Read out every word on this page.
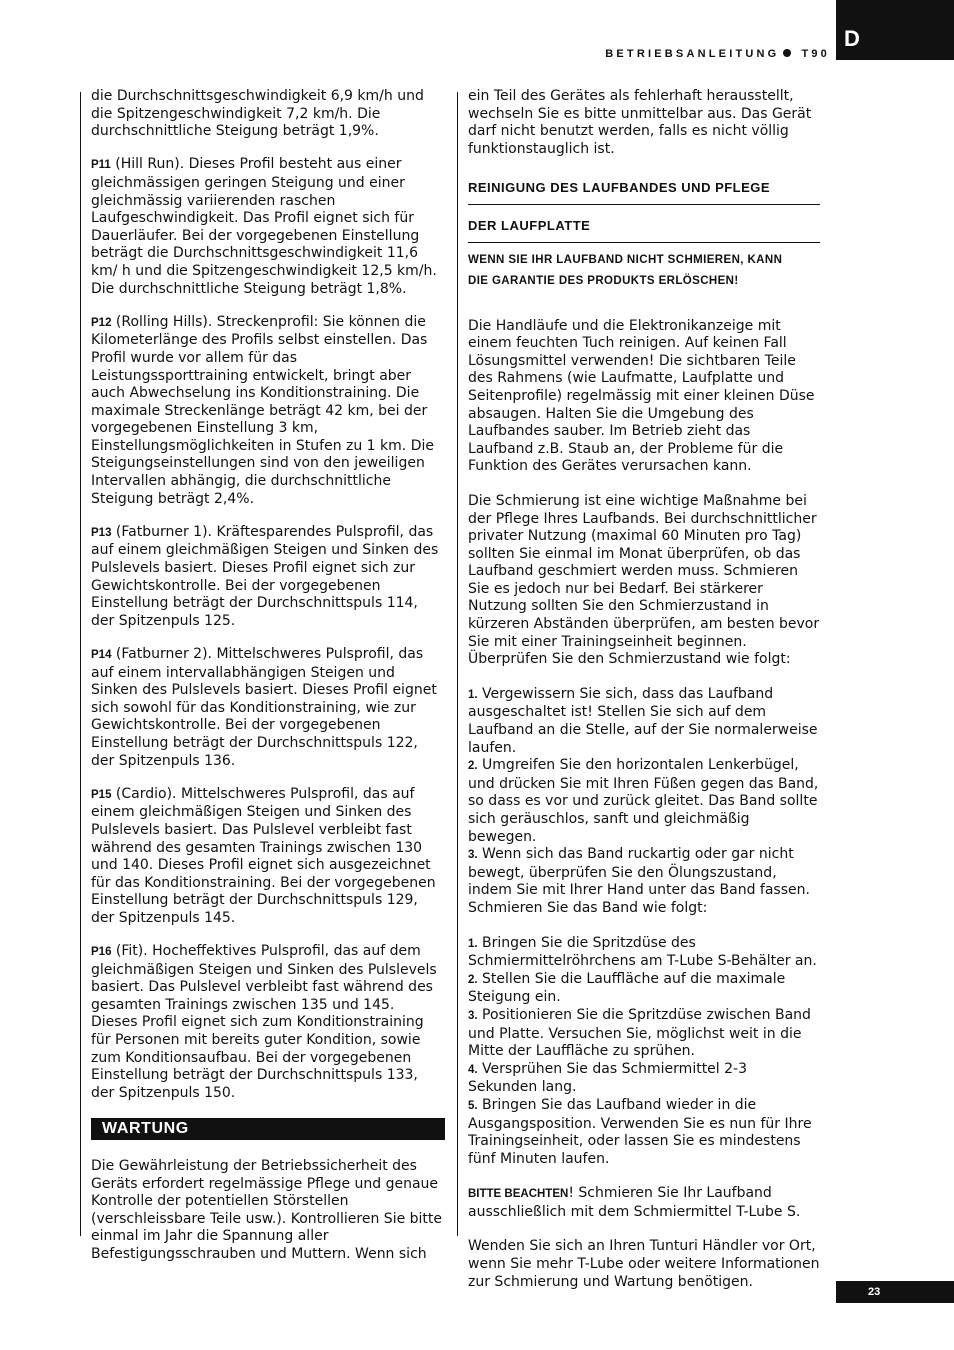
D
BETRIEBSANLEITUNG T90

die Durchschnittsgeschwindigkeit 6,9 km/h und die Spitzengeschwindigkeit 7,2 km/h. Die durchschnittliche Steigung beträgt 1,9%.

P11 (Hill Run). Dieses Profil besteht aus einer gleichmässigen geringen Steigung und einer gleichmässig variierenden raschen Laufgeschwindigkeit. Das Profil eignet sich für Dauerläufer. Bei der vorgegebenen Einstellung beträgt die Durchschnittsgeschwindigkeit 11,6 km/ h und die Spitzengeschwindigkeit 12,5 km/h. Die durchschnittliche Steigung beträgt 1,8%.

P12 (Rolling Hills). Streckenprofil: Sie können die Kilometerlänge des Profils selbst einstellen. Das Profil wurde vor allem für das Leistungssporttraining entwickelt, bringt aber auch Abwechselung ins Konditionstraining. Die maximale Streckenlänge beträgt 42 km, bei der vorgegebenen Einstellung 3 km, Einstellungsmöglichkeiten in Stufen zu 1 km. Die Steigungseinstellungen sind von den jeweiligen Intervallen abhängig, die durchschnittliche Steigung beträgt 2,4%.

P13 (Fatburner 1). Kräftesparendes Pulsprofil, das auf einem gleichmäßigen Steigen und Sinken des Pulslevels basiert. Dieses Profil eignet sich zur Gewichtskontrolle. Bei der vorgegebenen Einstellung beträgt der Durchschnittspuls 114, der Spitzenpuls 125.

P14 (Fatburner 2). Mittelschweres Pulsprofil, das auf einem intervallabhängigen Steigen und Sinken des Pulslevels basiert. Dieses Profil eignet sich sowohl für das Konditionstraining, wie zur Gewichtskontrolle. Bei der vorgegebenen Einstellung beträgt der Durchschnittspuls 122, der Spitzenpuls 136.

P15 (Cardio). Mittelschweres Pulsprofil, das auf einem gleichmäßigen Steigen und Sinken des Pulslevels basiert. Das Pulslevel verbleibt fast während des gesamten Trainings zwischen 130 und 140. Dieses Profil eignet sich ausgezeichnet für das Konditionstraining. Bei der vorgegebenen Einstellung beträgt der Durchschnittspuls 129, der Spitzenpuls 145.

P16 (Fit). Hocheffektives Pulsprofil, das auf dem gleichmäßigen Steigen und Sinken des Pulslevels basiert. Das Pulslevel verbleibt fast während des gesamten Trainings zwischen 135 und 145. Dieses Profil eignet sich zum Konditionstraining für Personen mit bereits guter Kondition, sowie zum Konditionsaufbau. Bei der vorgegebenen Einstellung beträgt der Durchschnittspuls 133, der Spitzenpuls 150.

WARTUNG

Die Gewährleistung der Betriebssicherheit des Geräts erfordert regelmässige Pflege und genaue Kontrolle der potentiellen Störstellen (verschleissbare Teile usw.). Kontrollieren Sie bitte einmal im Jahr die Spannung aller Befestigungsschrauben und Muttern. Wenn sich

ein Teil des Gerätes als fehlerhaft herausstellt, wechseln Sie es bitte unmittelbar aus. Das Gerät darf nicht benutzt werden, falls es nicht völlig funktionstauglich ist.

REINIGUNG DES LAUFBANDES UND PFLEGE
DER LAUFPLATTE
WENN SIE IHR LAUFBAND NICHT SCHMIEREN, KANN
DIE GARANTIE DES PRODUKTS ERLÖSCHEN!

Die Handläufe und die Elektronikanzeige mit einem feuchten Tuch reinigen. Auf keinen Fall Lösungsmittel verwenden! Die sichtbaren Teile des Rahmens (wie Laufmatte, Laufplatte und Seitenprofile) regelmässig mit einer kleinen Düse absaugen. Halten Sie die Umgebung des Laufbandes sauber. Im Betrieb zieht das Laufband z.B. Staub an, der Probleme für die Funktion des Gerätes verursachen kann.

Die Schmierung ist eine wichtige Maßnahme bei der Pflege Ihres Laufbands. Bei durchschnittlicher privater Nutzung (maximal 60 Minuten pro Tag) sollten Sie einmal im Monat überprüfen, ob das Laufband geschmiert werden muss. Schmieren Sie es jedoch nur bei Bedarf. Bei stärkerer Nutzung sollten Sie den Schmierzustand in kürzeren Abständen überprüfen, am besten bevor Sie mit einer Trainingseinheit beginnen. Überprüfen Sie den Schmierzustand wie folgt:

1. Vergewissern Sie sich, dass das Laufband ausgeschaltet ist! Stellen Sie sich auf dem Laufband an die Stelle, auf der Sie normalerweise laufen.
2. Umgreifen Sie den horizontalen Lenkerbügel, und drücken Sie mit Ihren Füßen gegen das Band, so dass es vor und zurück gleitet. Das Band sollte sich geräuschlos, sanft und gleichmäßig bewegen.
3. Wenn sich das Band ruckartig oder gar nicht bewegt, überprüfen Sie den Ölungszustand, indem Sie mit Ihrer Hand unter das Band fassen. Schmieren Sie das Band wie folgt:
1. Bringen Sie die Spritzdüse des Schmiermittelröhrchens am T-Lube S-Behälter an.
2. Stellen Sie die Lauffläche auf die maximale Steigung ein.
3. Positionieren Sie die Spritzdüse zwischen Band und Platte. Versuchen Sie, möglichst weit in die Mitte der Lauffläche zu sprühen.
4. Versprühen Sie das Schmiermittel 2-3 Sekunden lang.
5. Bringen Sie das Laufband wieder in die Ausgangsposition. Verwenden Sie es nun für Ihre Trainingseinheit, oder lassen Sie es mindestens fünf Minuten laufen.

BITTE BEACHTEN! Schmieren Sie Ihr Laufband ausschließlich mit dem Schmiermittel T-Lube S.

Wenden Sie sich an Ihren Tunturi Händler vor Ort, wenn Sie mehr T-Lube oder weitere Informationen zur Schmierung und Wartung benötigen.

23
